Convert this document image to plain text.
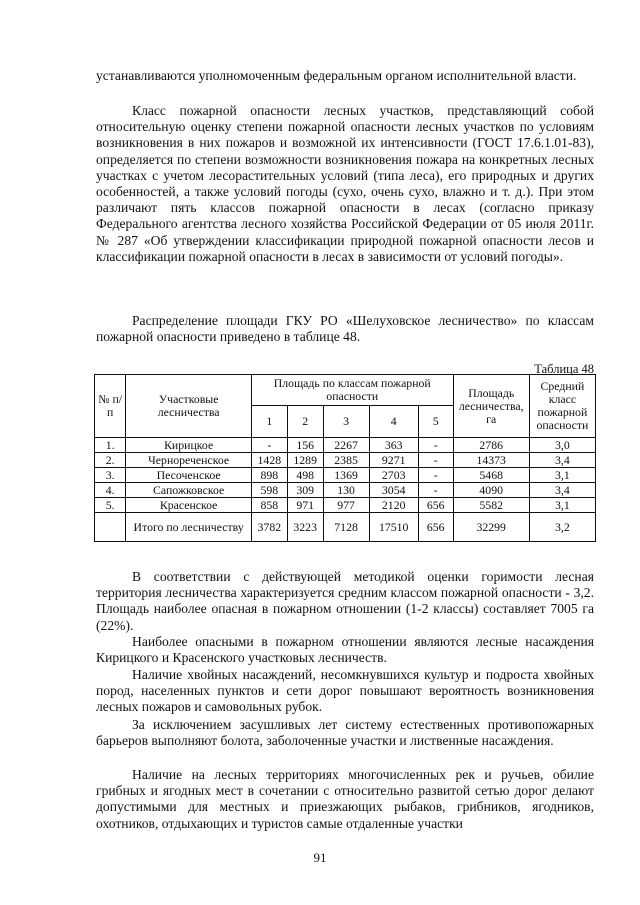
устанавливаются уполномоченным федеральным органом исполнительной власти.

Класс пожарной опасности лесных участков, представляющий собой относительную оценку степени пожарной опасности лесных участков по условиям возникновения в них пожаров и возможной их интенсивности (ГОСТ 17.6.1.01-83), определяется по степени возможности возникновения пожара на конкретных лесных участках с учетом лесорастительных условий (типа леса), его природных и других особенностей, а также условий погоды (сухо, очень сухо, влажно и т. д.). При этом различают пять классов пожарной опасности в лесах (согласно приказу Федерального агентства лесного хозяйства Российской Федерации от 05 июля 2011г. № 287 «Об утверждении классификации природной пожарной опасности лесов и классификации пожарной опасности в лесах в зависимости от условий погоды».

Распределение площади ГКУ РО «Шелуховское лесничество» по классам пожарной опасности приведено в таблице 48.

Таблица 48
№ п/п	Участковые лесничества	Площадь по классам пожарной опасности					Площадь лесничества, га	Средний класс пожарной опасности
		1	2	3	4	5		
1.	Кирицкое	-	156	2267	363	-	2786	3,0
2.	Чернореченское	1428	1289	2385	9271	-	14373	3,4
3.	Песоченское	898	498	1369	2703	-	5468	3,1
4.	Сапожковское	598	309	130	3054	-	4090	3,4
5.	Красенское	858	971	977	2120	656	5582	3,1
	Итого по лесничеству	3782	3223	7128	17510	656	32299	3,2

В соответствии с действующей методикой оценки горимости лесная территория лесничества характеризуется средним классом пожарной опасности - 3,2. Площадь наиболее опасная в пожарном отношении (1-2 классы) составляет 7005 га (22%).

Наиболее опасными в пожарном отношении являются лесные насаждения Кирицкого и Красенского участковых лесничеств.

Наличие хвойных насаждений, несомкнувшихся культур и подроста хвойных пород, населенных пунктов и сети дорог повышают вероятность возникновения лесных пожаров и самовольных рубок.

За исключением засушливых лет систему естественных противопожарных барьеров выполняют болота, заболоченные участки и лиственные насаждения.

Наличие на лесных территориях многочисленных рек и ручьев, обилие грибных и ягодных мест в сочетании с относительно развитой сетью дорог делают допустимыми для местных и приезжающих рыбаков, грибников, ягодников, охотников, отдыхающих и туристов самые отдаленные участки

91
